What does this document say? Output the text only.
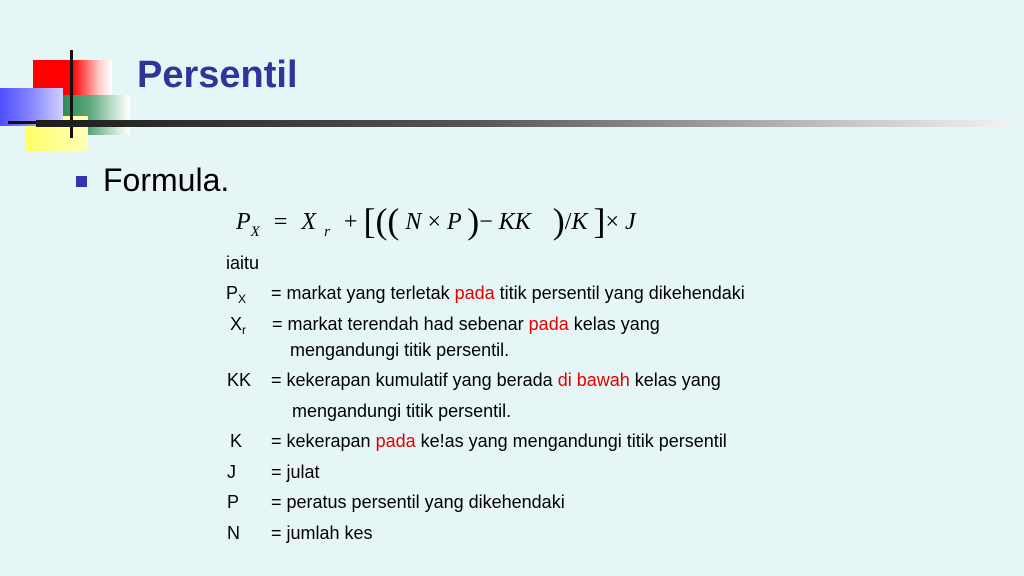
Persentil
Formula.
$P_X = X$ $_r$ + [(( N × P )− KK )/K ]× J
iaitu
$P_X$ = markat yang terletak pada titik persentil yang dikehendaki
$X_r$ = markat terendah had sebenar pada kelas yang
mengandungi titik persentil.
KK = kekerapan kumulatif yang berada di bawah kelas yang
mengandungi titik persentil.
K = kekerapan pada ke!as yang mengandungi titik persentil
J = julat
P = peratus persentil yang dikehendaki
N = jumlah kes
